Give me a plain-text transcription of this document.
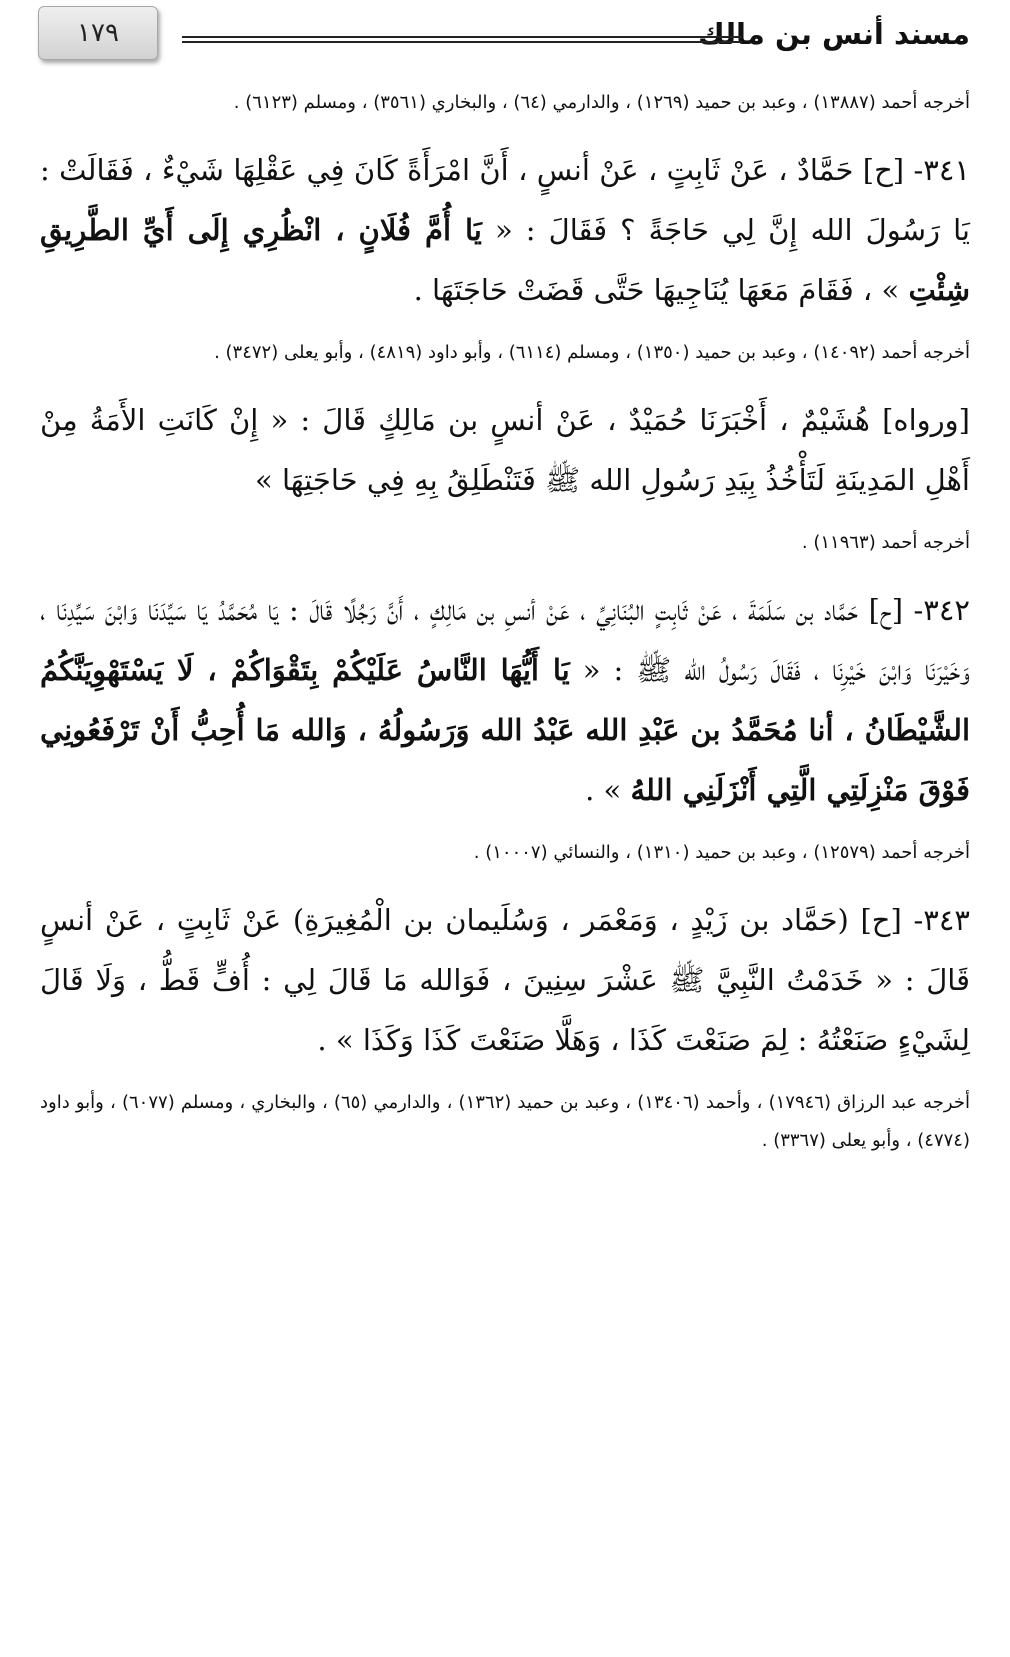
مسند أنس بن مالك
١٧٩

أخرجه أحمد (١٣٨٨٧) ، وعبد بن حميد (١٢٦٩) ، والدارمي (٦٤) ، والبخاري (٣٥٦١) ، ومسلم (٦١٢٣) .

٣٤١- [ح] حَمَّادٌ ، عَنْ ثَابِتٍ ، عَنْ أنسٍ ، أَنَّ امْرَأَةً كَانَ فِي عَقْلِهَا شَيْءٌ ، فَقَالَتْ : يَا رَسُولَ الله إِنَّ لِي حَاجَةً ؟ فَقَالَ : « يَا أُمَّ فُلَانٍ ، انْظُرِي إِلَى أَيِّ الطَّرِيقِ شِئْتِ » ، فَقَامَ مَعَهَا يُنَاجِيهَا حَتَّى قَضَتْ حَاجَتَهَا .

أخرجه أحمد (١٤٠٩٢) ، وعبد بن حميد (١٣٥٠) ، ومسلم (٦١١٤) ، وأبو داود (٤٨١٩) ، وأبو يعلى (٣٤٧٢) .

[ورواه] هُشَيْمٌ ، أَخْبَرَنَا حُمَيْدٌ ، عَنْ أنسٍ بن مَالِكٍ قَالَ : « إِنْ كَانَتِ الأَمَةُ مِنْ أَهْلِ المَدِينَةِ لَتَأْخُذُ بِيَدِ رَسُولِ الله ﷺ فَتَنْطَلِقُ بِهِ فِي حَاجَتِهَا »

أخرجه أحمد (١١٩٦٣) .

٣٤٢- [ح] حَمَّاد بن سَلَمَةَ ، عَنْ ثَابِتٍ البُنَانِيِّ ، عَنْ أنسِ بن مَالِكٍ ، أَنَّ رَجُلًا قَالَ : يَا مُحَمَّدُ يَا سَيِّدَنَا وَابْنَ سَيِّدِنَا ، وَخَيْرَنَا وَابْنَ خَيْرِنَا ، فَقَالَ رَسُولُ الله ﷺ : « يَا أَيُّهَا النَّاسُ عَلَيْكُمْ بِتَقْوَاكُمْ ، لَا يَسْتَهْوِيَنَّكُمُ الشَّيْطَانُ ، أنا مُحَمَّدُ بن عَبْدِ الله عَبْدُ الله وَرَسُولُهُ ، وَالله مَا أُحِبُّ أَنْ تَرْفَعُونِي فَوْقَ مَنْزِلَتِي الَّتِي أَنْزَلَنِي اللهُ » .

أخرجه أحمد (١٢٥٧٩) ، وعبد بن حميد (١٣١٠) ، والنسائي (١٠٠٠٧) .

٣٤٣- [ح] (حَمَّاد بن زَيْدٍ ، وَمَعْمَر ، وَسُلَيمان بن الْمُغِيرَةِ) عَنْ ثَابِتٍ ، عَنْ أنسٍ قَالَ : « خَدَمْتُ النَّبِيَّ ﷺ عَشْرَ سِنِينَ ، فَوَالله مَا قَالَ لِي : أُفٍّ قَطُّ ، وَلَا قَالَ لِشَيْءٍ صَنَعْتُهُ : لِمَ صَنَعْتَ كَذَا ، وَهَلَّا صَنَعْتَ كَذَا وَكَذَا » .

أخرجه عبد الرزاق (١٧٩٤٦) ، وأحمد (١٣٤٠٦) ، وعبد بن حميد (١٣٦٢) ، والدارمي (٦٥) ، والبخاري ، ومسلم (٦٠٧٧) ، وأبو داود (٤٧٧٤) ، وأبو يعلى (٣٣٦٧) .
